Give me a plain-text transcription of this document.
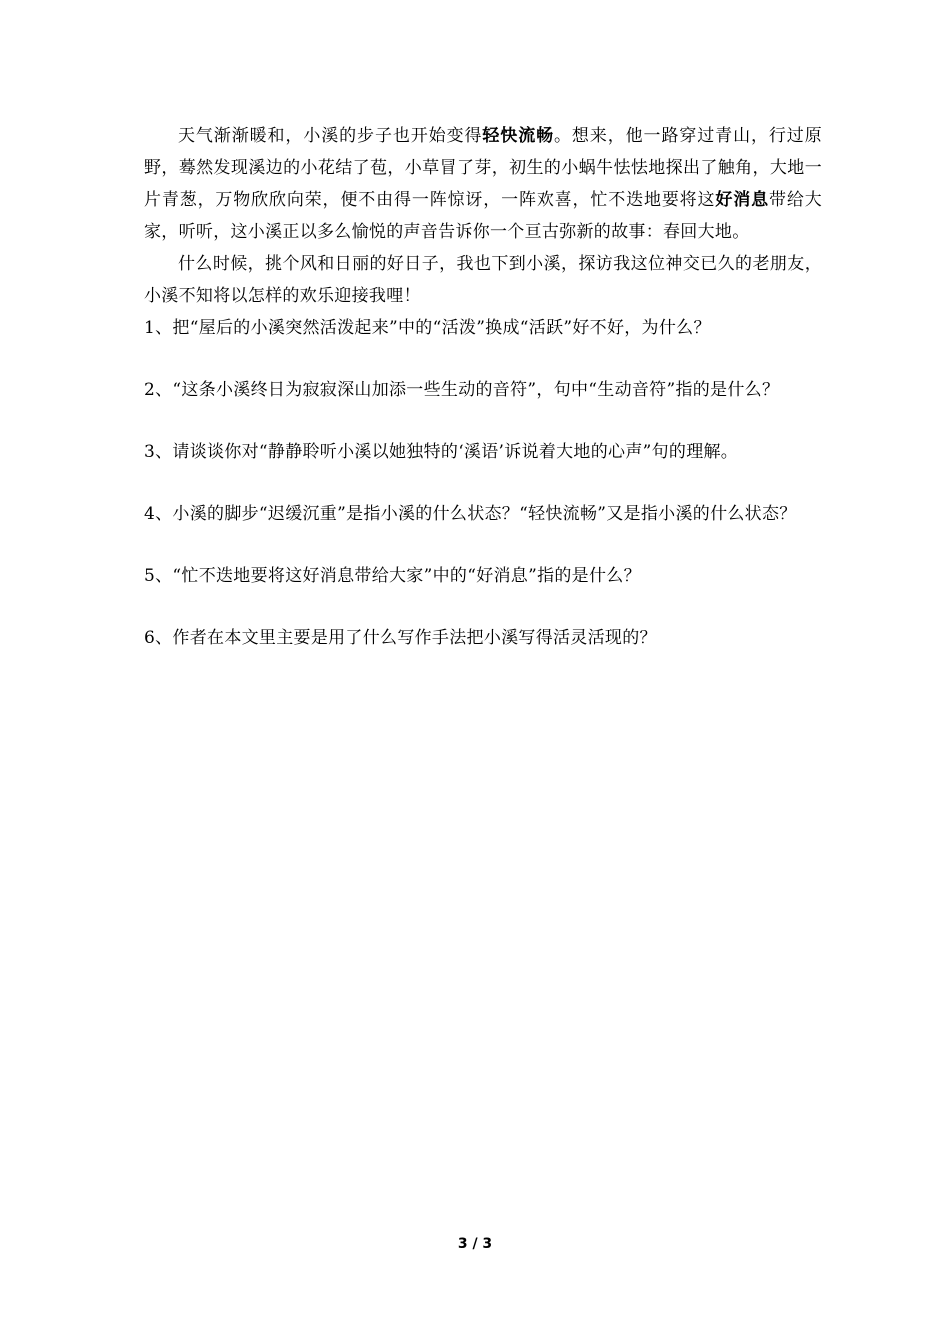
天气渐渐暖和，小溪的步子也开始变得轻快流畅。想来，他一路穿过青山，行过原野，蓦然发现溪边的小花结了苞，小草冒了芽，初生的小蜗牛怯怯地探出了触角，大地一片青葱，万物欣欣向荣，便不由得一阵惊讶，一阵欢喜，忙不迭地要将这好消息带给大家，听听，这小溪正以多么愉悦的声音告诉你一个亘古弥新的故事：春回大地。

什么时候，挑个风和日丽的好日子，我也下到小溪，探访我这位神交已久的老朋友，小溪不知将以怎样的欢乐迎接我哩！

1、把“屋后的小溪突然活泼起来”中的“活泼”换成“活跃”好不好，为什么？

2、“这条小溪终日为寂寂深山加添一些生动的音符”，句中“生动音符”指的是什么？

3、请谈谈你对“静静聆听小溪以她独特的‘溪语’诉说着大地的心声”句的理解。

4、小溪的脚步“迟缓沉重”是指小溪的什么状态？“轻快流畅”又是指小溪的什么状态？

5、“忙不迭地要将这好消息带给大家”中的“好消息”指的是什么？

6、作者在本文里主要是用了什么写作手法把小溪写得活灵活现的？

3 / 3
